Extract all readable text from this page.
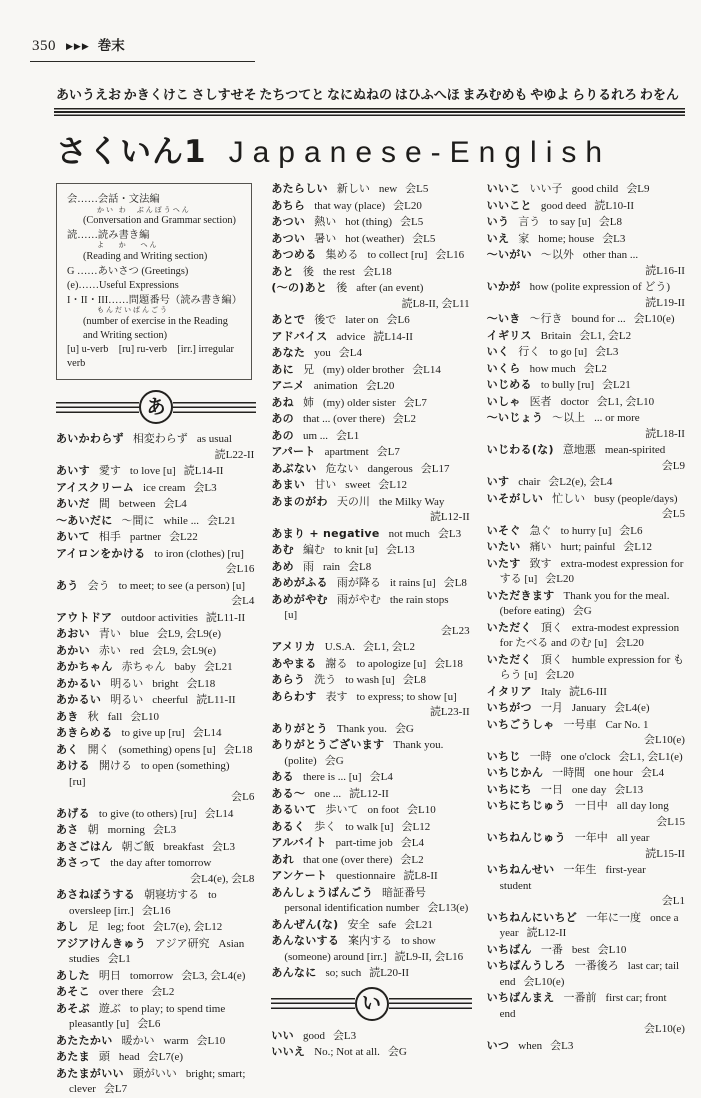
350 ▶▶▶ 巻末
あいうえお かきくけこ さしすせそ たちつてと なにぬねの はひふへほ まみむめも やゆよ らりるれろ わをん
さくいん1 Japanese-English
会……会話・文法編
かい わ　ぶんぽうへん
(Conversation and Grammar section)
読……読み書き編
よ　 か　 へん
(Reading and Writing section)
G ……あいさつ (Greetings)
(e)……Useful Expressions
I・II・III……問題番号（読み書き編）
もんだいばんごう
(number of exercise in the Reading and Writing section)
[u] u-verb　[ru] ru-verb　[irr.] irregular verb
あ
あいかわらず 相変わらず as usual
読L22-II
あいす 愛す to love [u] 読L14-II
アイスクリーム ice cream 会L3
あいだ 間 between 会L4
～あいだに ～間に while ... 会L21
あいて 相手 partner 会L22
アイロンをかける to iron (clothes) [ru]
会L16
あう 会う to meet; to see (a person) [u]
会L4
アウトドア outdoor activities 読L11-II
あおい 青い blue 会L9, 会L9(e)
あかい 赤い red 会L9, 会L9(e)
あかちゃん 赤ちゃん baby 会L21
あかるい 明るい bright 会L18
あかるい 明るい cheerful 読L11-II
あき 秋 fall 会L10
あきらめる to give up [ru] 会L14
あく 開く (something) opens [u] 会L18
あける 開ける to open (something) [ru]
会L6
あげる to give (to others) [ru] 会L14
あさ 朝 morning 会L3
あさごはん 朝ご飯 breakfast 会L3
あさって the day after tomorrow
会L4(e), 会L8
あさねぼうする 朝寝坊する to oversleep [irr.] 会L16
あし 足 leg; foot 会L7(e), 会L12
アジアけんきゅう アジア研究 Asian studies 会L1
あした 明日 tomorrow 会L3, 会L4(e)
あそこ over there 会L2
あそぶ 遊ぶ to play; to spend time pleasantly [u] 会L6
あたたかい 暖かい warm 会L10
あたま 頭 head 会L7(e)
あたまがいい 頭がいい bright; smart; clever 会L7
あたらしい 新しい new 会L5
あちら that way (place) 会L20
あつい 熱い hot (thing) 会L5
あつい 暑い hot (weather) 会L5
あつめる 集める to collect [ru] 会L16
あと 後 the rest 会L18
(～の)あと 後 after (an event)
読L8-II, 会L11
あとで 後で later on 会L6
アドバイス advice 読L14-II
あなた you 会L4
あに 兄 (my) older brother 会L14
アニメ animation 会L20
あね 姉 (my) older sister 会L7
あの that ... (over there) 会L2
あの um ... 会L1
アパート apartment 会L7
あぶない 危ない dangerous 会L17
あまい 甘い sweet 会L12
あまのがわ 天の川 the Milky Way
読L12-II
あまり + negative not much 会L3
あむ 編む to knit [u] 会L13
あめ 雨 rain 会L8
あめがふる 雨が降る it rains [u] 会L8
あめがやむ 雨がやむ the rain stops [u]
会L23
アメリカ U.S.A. 会L1, 会L2
あやまる 謝る to apologize [u] 会L18
あらう 洗う to wash [u] 会L8
あらわす 表す to express; to show [u]
読L23-II
ありがとう Thank you. 会G
ありがとうございます Thank you. (polite) 会G
ある there is ... [u] 会L4
ある～ one ... 読L12-II
あるいて 歩いて on foot 会L10
あるく 歩く to walk [u] 会L12
アルバイト part-time job 会L4
あれ that one (over there) 会L2
アンケート questionnaire 読L8-II
あんしょうばんごう 暗証番号personal identification number 会L13(e)
あんぜん(な) 安全 safe 会L21
あんないする 案内する to show (someone) around [irr.] 読L9-II, 会L16
あんなに so; such 読L20-II
い
いい good 会L3
いいえ No.; Not at all. 会G
いいこ いい子 good child 会L9
いいこと good deed 読L10-II
いう 言う to say [u] 会L8
いえ 家 home; house 会L3
～いがい ～以外 other than ...
読L16-II
いかが how (polite expression of どう)
読L19-II
～いき ～行き bound for ... 会L10(e)
イギリス Britain 会L1, 会L2
いく 行く to go [u] 会L3
いくら how much 会L2
いじめる to bully [ru] 会L21
いしゃ 医者 doctor 会L1, 会L10
～いじょう ～以上 ... or more
読L18-II
いじわる(な) 意地悪 mean-spirited
会L9
いす chair 会L2(e), 会L4
いそがしい 忙しい busy (people/days)
会L5
いそぐ 急ぐ to hurry [u] 会L6
いたい 痛い hurt; painful 会L12
いたす 致す extra-modest expression for する [u] 会L20
いただきます Thank you for the meal. (before eating) 会G
いただく 頂く extra-modest expression for たべる and のむ [u] 会L20
いただく 頂く humble expression for もらう [u] 会L20
イタリア Italy 読L6-III
いちがつ 一月 January 会L4(e)
いちごうしゃ 一号車 Car No. 1
会L10(e)
いちじ 一時 one o'clock 会L1, 会L1(e)
いちじかん 一時間 one hour 会L4
いちにち 一日 one day 会L13
いちにちじゅう 一日中 all day long
会L15
いちねんじゅう 一年中 all year
読L15-II
いちねんせい 一年生 first-year student
会L1
いちねんにいちど 一年に一度 once a year 読L12-II
いちばん 一番 best 会L10
いちばんうしろ 一番後ろ last car; tail end 会L10(e)
いちばんまえ 一番前 first car; front end
会L10(e)
いつ when 会L3
